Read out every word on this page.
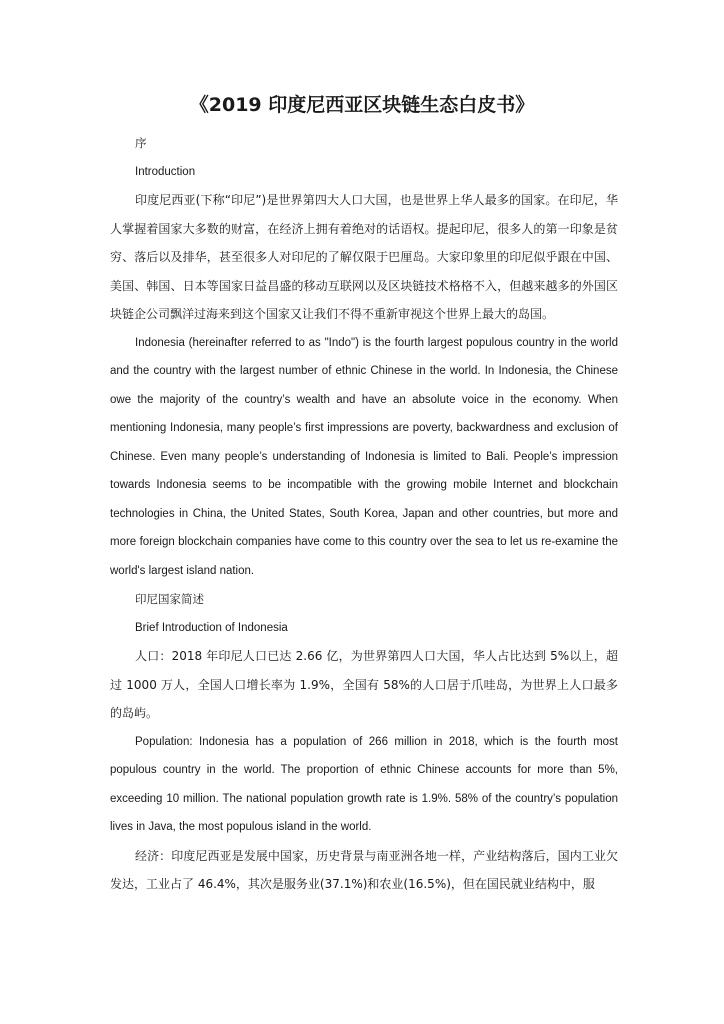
《2019 印度尼西亚区块链生态白皮书》

序

Introduction

印度尼西亚(下称“印尼”)是世界第四大人口大国，也是世界上华人最多的国家。在印尼，华人掌握着国家大多数的财富，在经济上拥有着绝对的话语权。提起印尼，很多人的第一印象是贫穷、落后以及排华，甚至很多人对印尼的了解仅限于巴厘岛。大家印象里的印尼似乎跟在中国、美国、韩国、日本等国家日益昌盛的移动互联网以及区块链技术格格不入，但越来越多的外国区块链企公司飘洋过海来到这个国家又让我们不得不重新审视这个世界上最大的岛国。

Indonesia (hereinafter referred to as "Indo") is the fourth largest populous country in the world and the country with the largest number of ethnic Chinese in the world. In Indonesia, the Chinese owe the majority of the country’s wealth and have an absolute voice in the economy. When mentioning Indonesia, many people’s first impressions are poverty, backwardness and exclusion of Chinese. Even many people’s understanding of Indonesia is limited to Bali. People’s impression towards Indonesia seems to be incompatible with the growing mobile Internet and blockchain technologies in China, the United States, South Korea, Japan and other countries, but more and more foreign blockchain companies have come to this country over the sea to let us re-examine the world's largest island nation.

印尼国家简述

Brief Introduction of Indonesia

人口：2018 年印尼人口已达 2.66 亿，为世界第四人口大国，华人占比达到 5%以上，超过 1000 万人，全国人口增长率为 1.9%，全国有 58%的人口居于爪哇岛，为世界上人口最多的岛屿。

Population: Indonesia has a population of 266 million in 2018, which is the fourth most populous country in the world. The proportion of ethnic Chinese accounts for more than 5%, exceeding 10 million. The national population growth rate is 1.9%. 58% of the country’s population lives in Java, the most populous island in the world.

经济：印度尼西亚是发展中国家，历史背景与南亚洲各地一样，产业结构落后，国内工业欠发达，工业占了 46.4%，其次是服务业(37.1%)和农业(16.5%)，但在国民就业结构中，服
